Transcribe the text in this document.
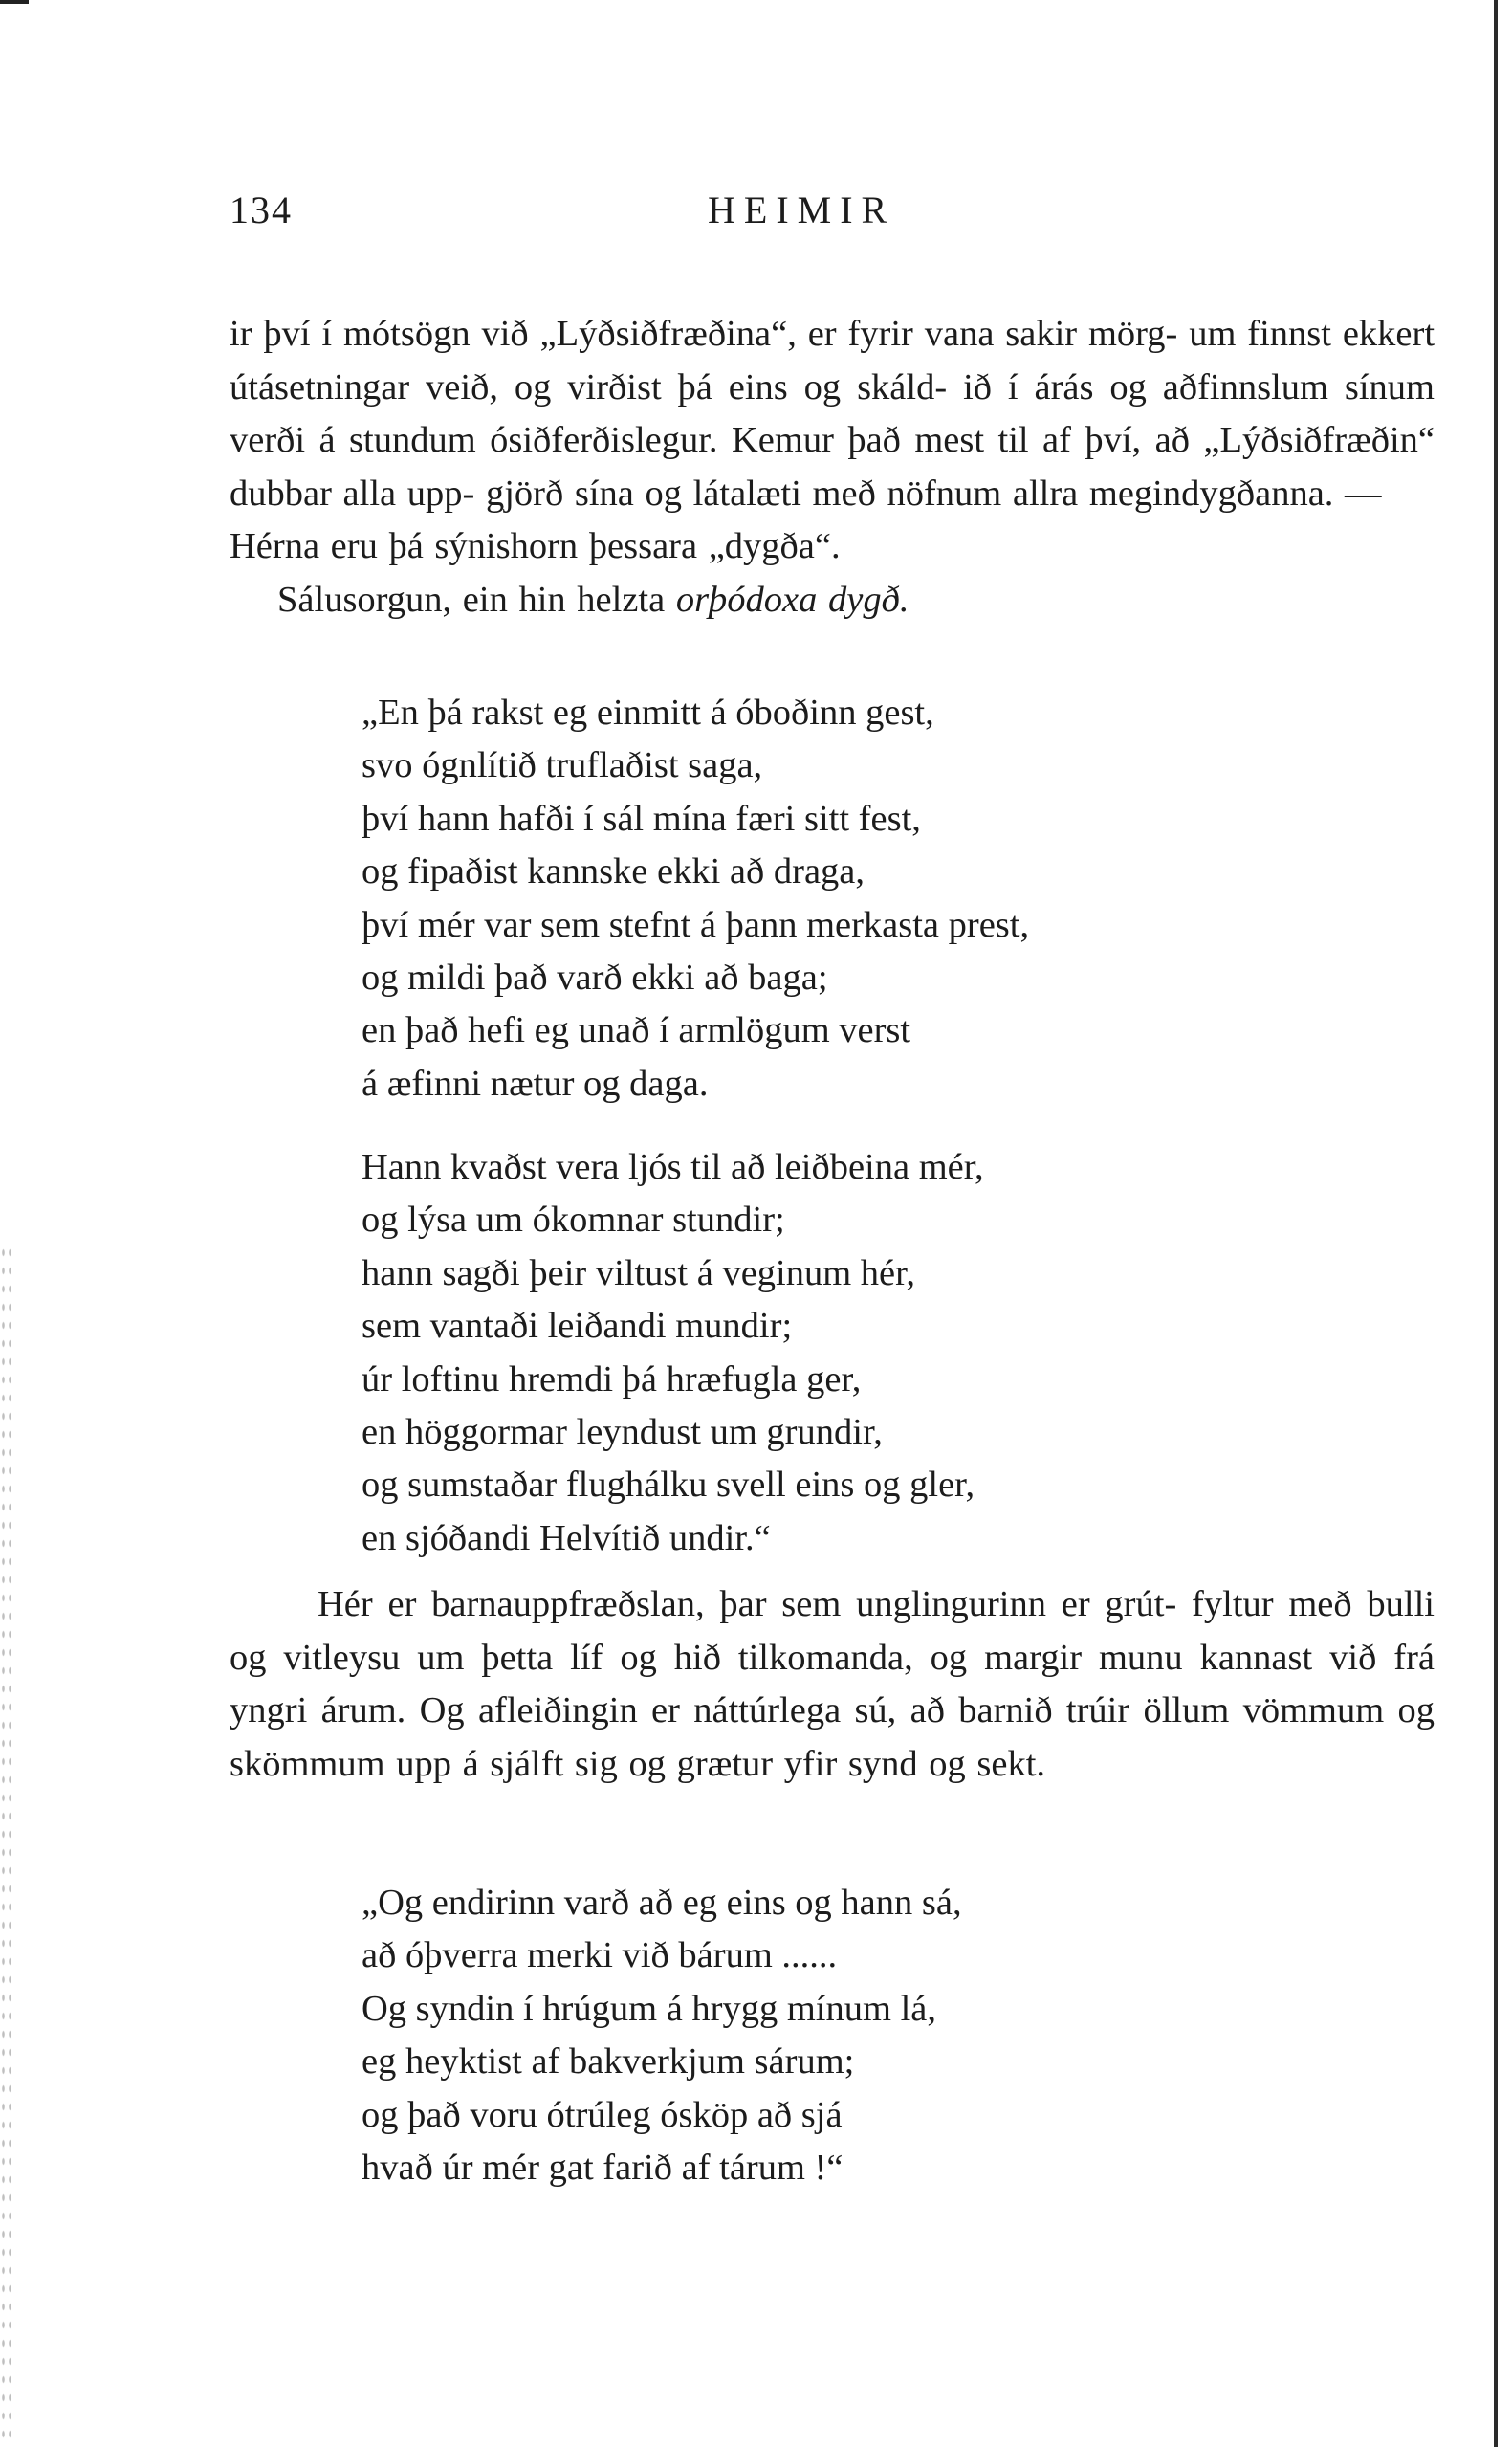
134	HEIMIR

ir því í mótsögn við „Lýðsiðfræðina“, er fyrir vana sakir mörg- um finnst ekkert útásetningar veið, og virðist þá eins og skáld- ið í árás og aðfinnslum sínum verði á stundum ósiðferðislegur. Kemur það mest til af því, að „Lýðsiðfræðin“ dubbar alla upp- gjörð sína og látalæti með nöfnum allra megindygðanna. —
Hérna eru þá sýnishorn þessara „dygða“.

Sálusorgun, ein hin helzta orþódoxa dygð.

„En þá rakst eg einmitt á óboðinn gest,
svo ógnlítið truflaðist saga,
því hann hafði í sál mína færi sitt fest,
og fipaðist kannske ekki að draga,
því mér var sem stefnt á þann merkasta prest,
og mildi það varð ekki að baga;
en það hefi eg unað í armlögum verst
á æfinni nætur og daga.
Hann kvaðst vera ljós til að leiðbeina mér,
og lýsa um ókomnar stundir;
hann sagði þeir viltust á veginum hér,
sem vantaði leiðandi mundir;
úr loftinu hremdi þá hræfugla ger,
en höggormar leyndust um grundir,
og sumstaðar flughálku svell eins og gler,
en sjóðandi Helvítið undir.“

Hér er barnauppfræðslan, þar sem unglingurinn er grút- fyltur með bulli og vitleysu um þetta líf og hið tilkomanda, og margir munu kannast við frá yngri árum. Og afleiðingin er náttúrlega sú, að barnið trúir öllum vömmum og skömmum upp á sjálft sig og grætur yfir synd og sekt.

„Og endirinn varð að eg eins og hann sá,
að óþverra merki við bárum ......
Og syndin í hrúgum á hrygg mínum lá,
eg heyktist af bakverkjum sárum;
og það voru ótrúleg ósköp að sjá
hvað úr mér gat farið af tárum !“
